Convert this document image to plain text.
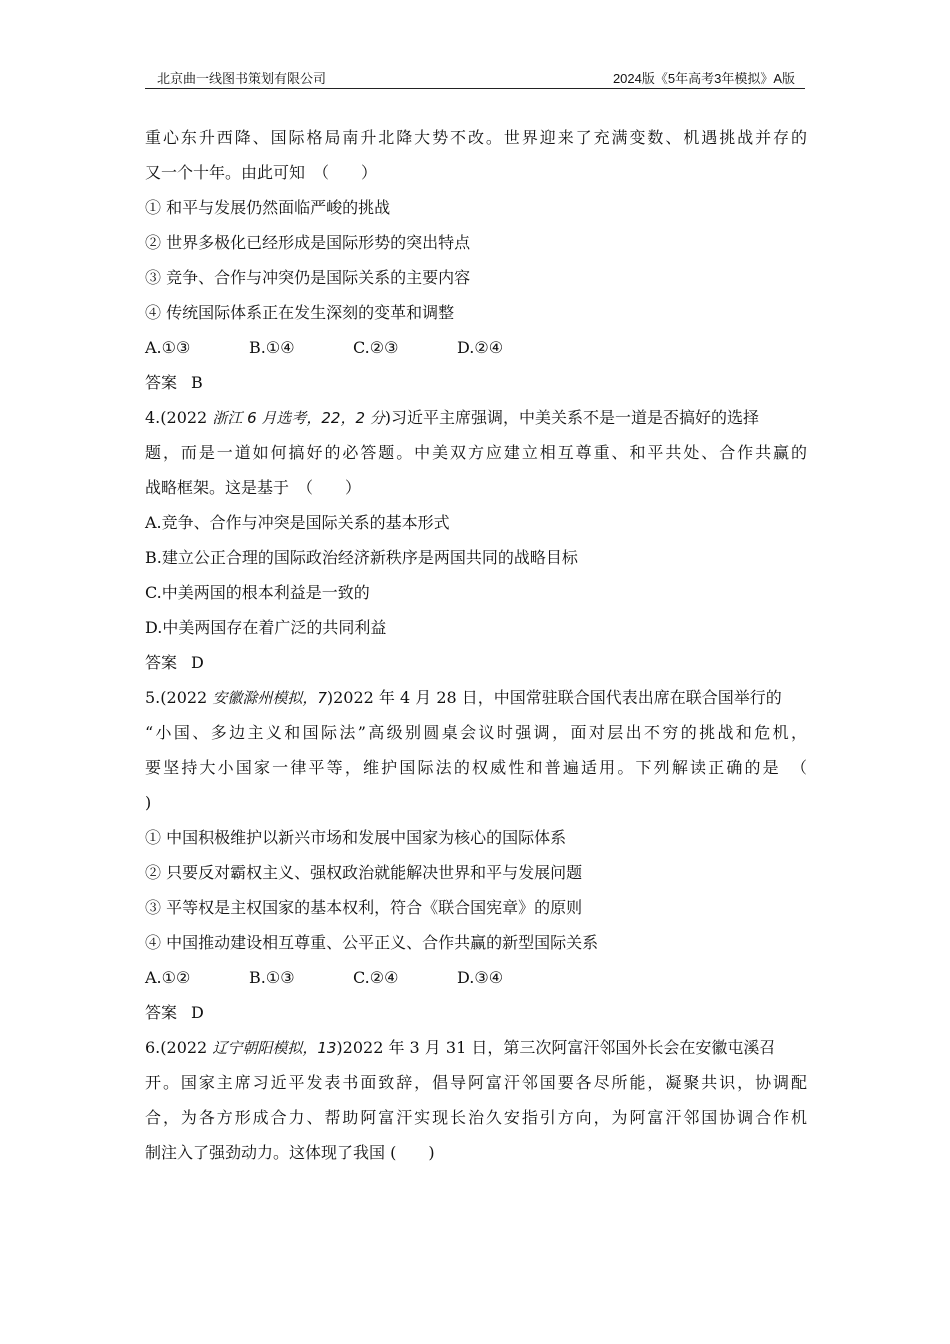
北京曲一线图书策划有限公司	2024版《5年高考3年模拟》A版
重心东升西降、国际格局南升北降大势不改。世界迎来了充满变数、机遇挑战并存的
又一个十年。由此可知　（　　）
① 和平与发展仍然面临严峻的挑战
② 世界多极化已经形成是国际形势的突出特点
③ 竞争、合作与冲突仍是国际关系的主要内容
④ 传统国际体系正在发生深刻的变革和调整
A.①③	B.①④	C.②③	D.②④
答案 B
4.(2022 浙江 6 月选考，22，2 分)习近平主席强调，中美关系不是一道是否搞好的选择
题，而是一道如何搞好的必答题。中美双方应建立相互尊重、和平共处、合作共赢的
战略框架。这是基于　（　　）
A.竞争、合作与冲突是国际关系的基本形式
B.建立公正合理的国际政治经济新秩序是两国共同的战略目标
C.中美两国的根本利益是一致的
D.中美两国存在着广泛的共同利益
答案 D
5.(2022 安徽滁州模拟，7)2022 年 4 月 28 日，中国常驻联合国代表出席在联合国举行的
“小国、多边主义和国际法”高级别圆桌会议时强调，面对层出不穷的挑战和危机，
要坚持大小国家一律平等，维护国际法的权威性和普遍适用。下列解读正确的是　（
)
① 中国积极维护以新兴市场和发展中国家为核心的国际体系
② 只要反对霸权主义、强权政治就能解决世界和平与发展问题
③ 平等权是主权国家的基本权利，符合《联合国宪章》的原则
④ 中国推动建设相互尊重、公平正义、合作共赢的新型国际关系
A.①②	B.①③	C.②④	D.③④
答案 D
6.(2022 辽宁朝阳模拟，13)2022 年 3 月 31 日，第三次阿富汗邻国外长会在安徽屯溪召
开。国家主席习近平发表书面致辞，倡导阿富汗邻国要各尽所能，凝聚共识，协调配
合，为各方形成合力、帮助阿富汗实现长治久安指引方向，为阿富汗邻国协调合作机
制注入了强劲动力。这体现了我国 (　　)
